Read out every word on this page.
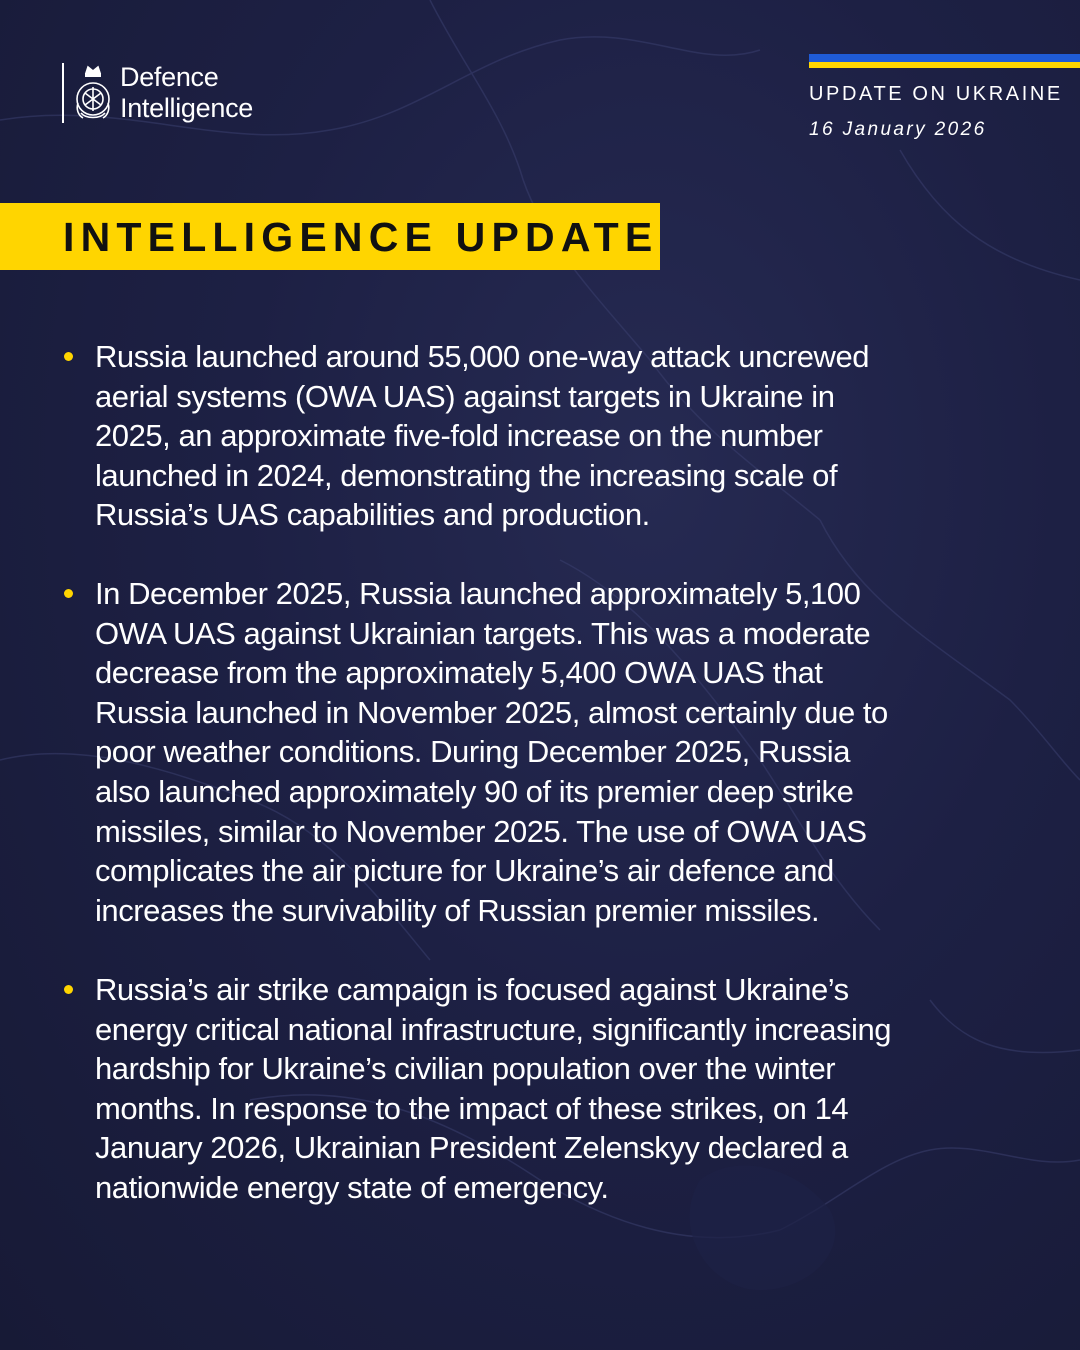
Defence
Intelligence	UPDATE ON UKRAINE
16 January 2026
INTELLIGENCE UPDATE
Russia launched around 55,000 one-way attack uncrewed
aerial systems (OWA UAS) against targets in Ukraine in
2025, an approximate five-fold increase on the number
launched in 2024, demonstrating the increasing scale of
Russia’s UAS capabilities and production.
In December 2025, Russia launched approximately 5,100
OWA UAS against Ukrainian targets. This was a moderate
decrease from the approximately 5,400 OWA UAS that
Russia launched in November 2025, almost certainly due to
poor weather conditions. During December 2025, Russia
also launched approximately 90 of its premier deep strike
missiles, similar to November 2025. The use of OWA UAS
complicates the air picture for Ukraine’s air defence and
increases the survivability of Russian premier missiles.
Russia’s air strike campaign is focused against Ukraine’s
energy critical national infrastructure, significantly increasing
hardship for Ukraine’s civilian population over the winter
months. In response to the impact of these strikes, on 14
January 2026, Ukrainian President Zelenskyy declared a
nationwide energy state of emergency.
